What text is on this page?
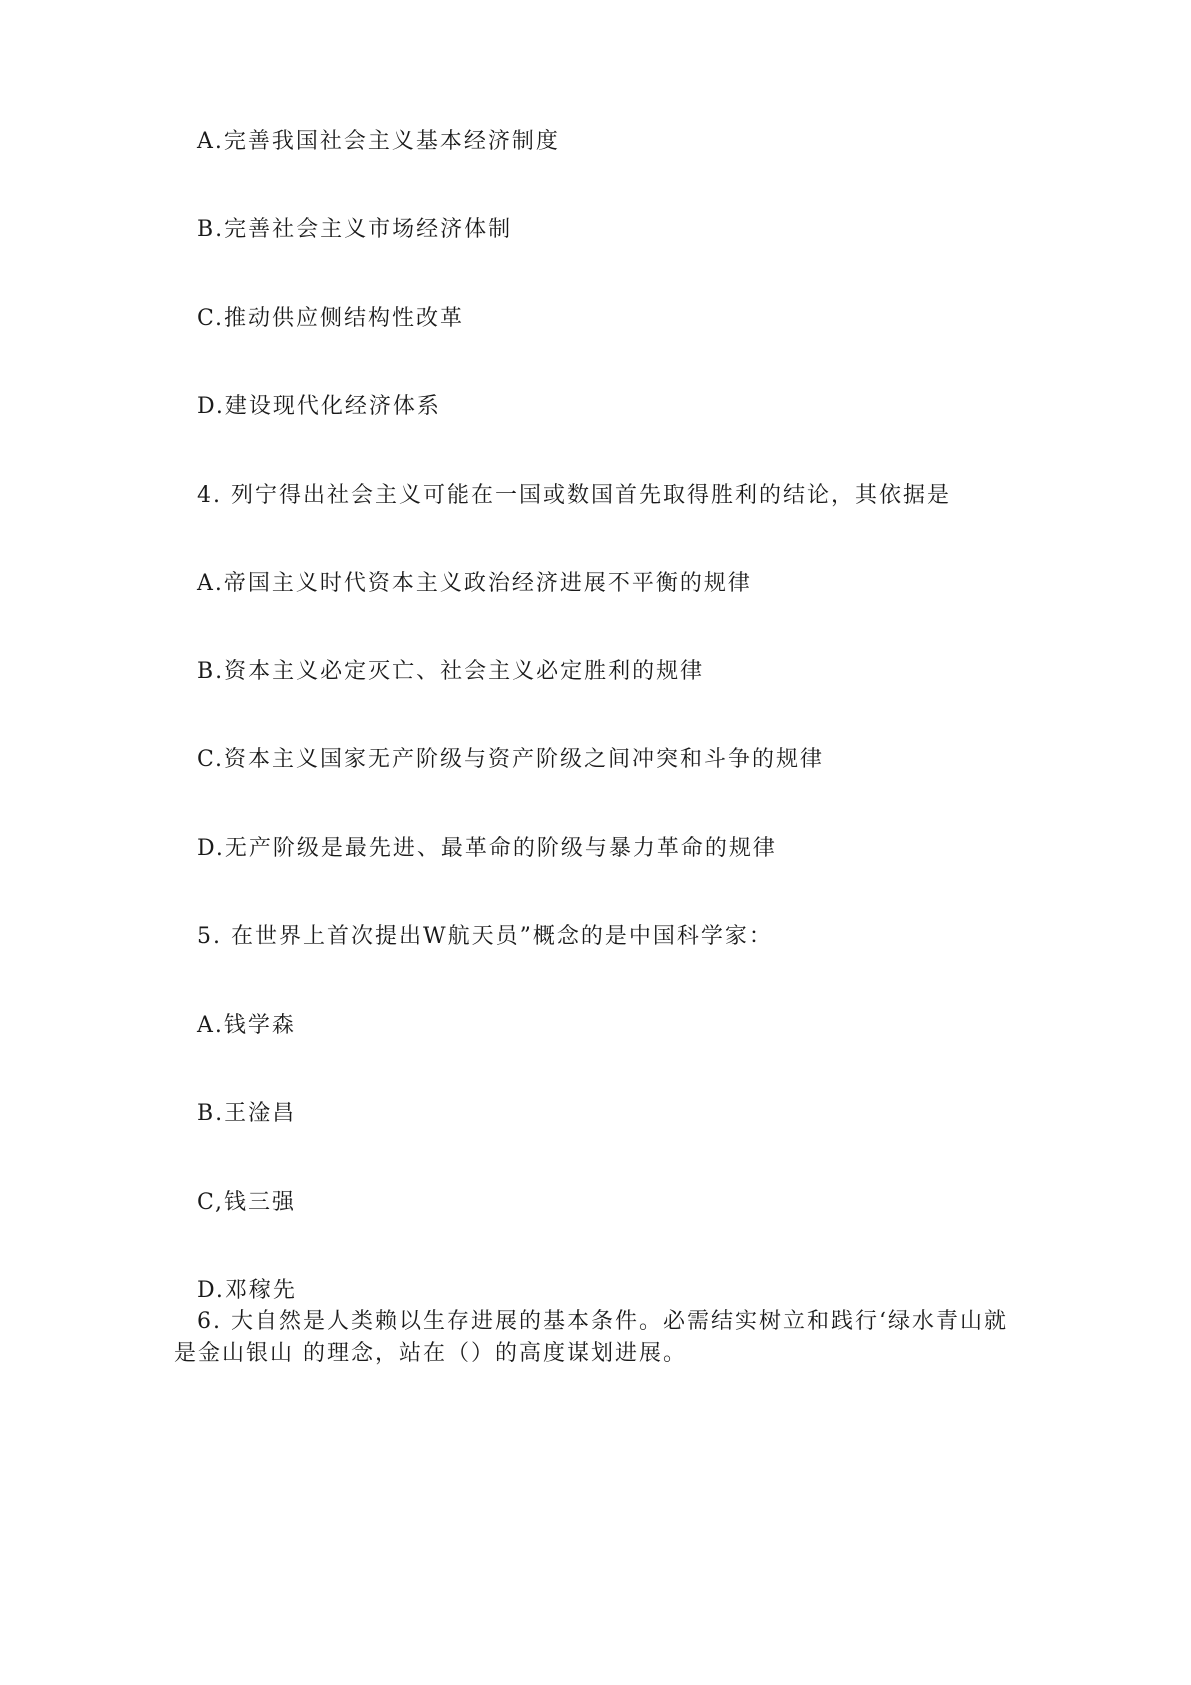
A.完善我国社会主义基本经济制度
B.完善社会主义市场经济体制
C.推动供应侧结构性改革
D.建设现代化经济体系
4. 列宁得出社会主义可能在一国或数国首先取得胜利的结论，其依据是
A.帝国主义时代资本主义政治经济进展不平衡的规律
B.资本主义必定灭亡、社会主义必定胜利的规律
C.资本主义国家无产阶级与资产阶级之间冲突和斗争的规律
D.无产阶级是最先进、最革命的阶级与暴力革命的规律
5. 在世界上首次提出W航天员”概念的是中国科学家：
A.钱学森
B.王淦昌
C,钱三强
D.邓稼先
6. 大自然是人类赖以生存进展的基本条件。必需结实树立和践行‘绿水青山就
是金山银山 的理念，站在（）的高度谋划进展。
